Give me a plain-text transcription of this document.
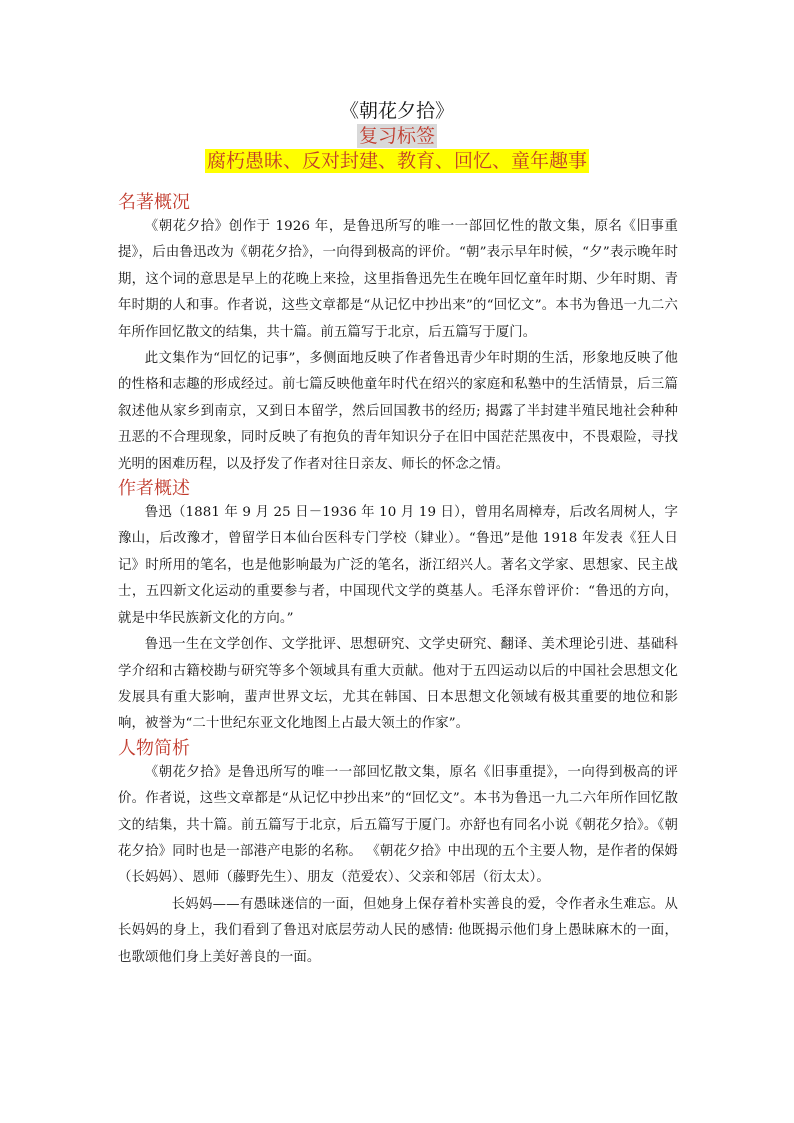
《朝花夕拾》
复习标签
腐朽愚昧、反对封建、教育、回忆、童年趣事
名著概况

《朝花夕拾》创作于 1926 年，是鲁迅所写的唯一一部回忆性的散文集，原名《旧事重提》，后由鲁迅改为《朝花夕拾》，一向得到极高的评价。“朝”表示早年时候，“夕”表示晚年时期，这个词的意思是早上的花晚上来捡，这里指鲁迅先生在晚年回忆童年时期、少年时期、青年时期的人和事。作者说，这些文章都是“从记忆中抄出来”的“回忆文”。本书为鲁迅一九二六年所作回忆散文的结集，共十篇。前五篇写于北京，后五篇写于厦门。

此文集作为“回忆的记事”，多侧面地反映了作者鲁迅青少年时期的生活，形象地反映了他的性格和志趣的形成经过。前七篇反映他童年时代在绍兴的家庭和私塾中的生活情景，后三篇叙述他从家乡到南京，又到日本留学，然后回国教书的经历; 揭露了半封建半殖民地社会种种丑恶的不合理现象，同时反映了有抱负的青年知识分子在旧中国茫茫黑夜中，不畏艰险，寻找光明的困难历程，以及抒发了作者对往日亲友、师长的怀念之情。

作者概述

鲁迅（1881 年 9 月 25 日－1936 年 10 月 19 日），曾用名周樟寿，后改名周树人，字豫山，后改豫才，曾留学日本仙台医科专门学校（肄业）。“鲁迅”是他 1918 年发表《狂人日记》时所用的笔名，也是他影响最为广泛的笔名，浙江绍兴人。著名文学家、思想家、民主战士，五四新文化运动的重要参与者，中国现代文学的奠基人。毛泽东曾评价：“鲁迅的方向，就是中华民族新文化的方向。”

鲁迅一生在文学创作、文学批评、思想研究、文学史研究、翻译、美术理论引进、基础科学介绍和古籍校勘与研究等多个领域具有重大贡献。他对于五四运动以后的中国社会思想文化发展具有重大影响，蜚声世界文坛，尤其在韩国、日本思想文化领域有极其重要的地位和影响，被誉为“二十世纪东亚文化地图上占最大领土的作家”。

人物简析

《朝花夕拾》是鲁迅所写的唯一一部回忆散文集，原名《旧事重提》，一向得到极高的评价。作者说，这些文章都是“从记忆中抄出来”的“回忆文”。本书为鲁迅一九二六年所作回忆散文的结集，共十篇。前五篇写于北京，后五篇写于厦门。亦舒也有同名小说《朝花夕拾》。《朝花夕拾》同时也是一部港产电影的名称。 《朝花夕拾》中出现的五个主要人物，是作者的保姆（长妈妈）、恩师（藤野先生）、朋友（范爱农）、父亲和邻居（衍太太）。

长妈妈——有愚昧迷信的一面，但她身上保存着朴实善良的爱，令作者永生难忘。从长妈妈的身上，我们看到了鲁迅对底层劳动人民的感情: 他既揭示他们身上愚昧麻木的一面，也歌颂他们身上美好善良的一面。
